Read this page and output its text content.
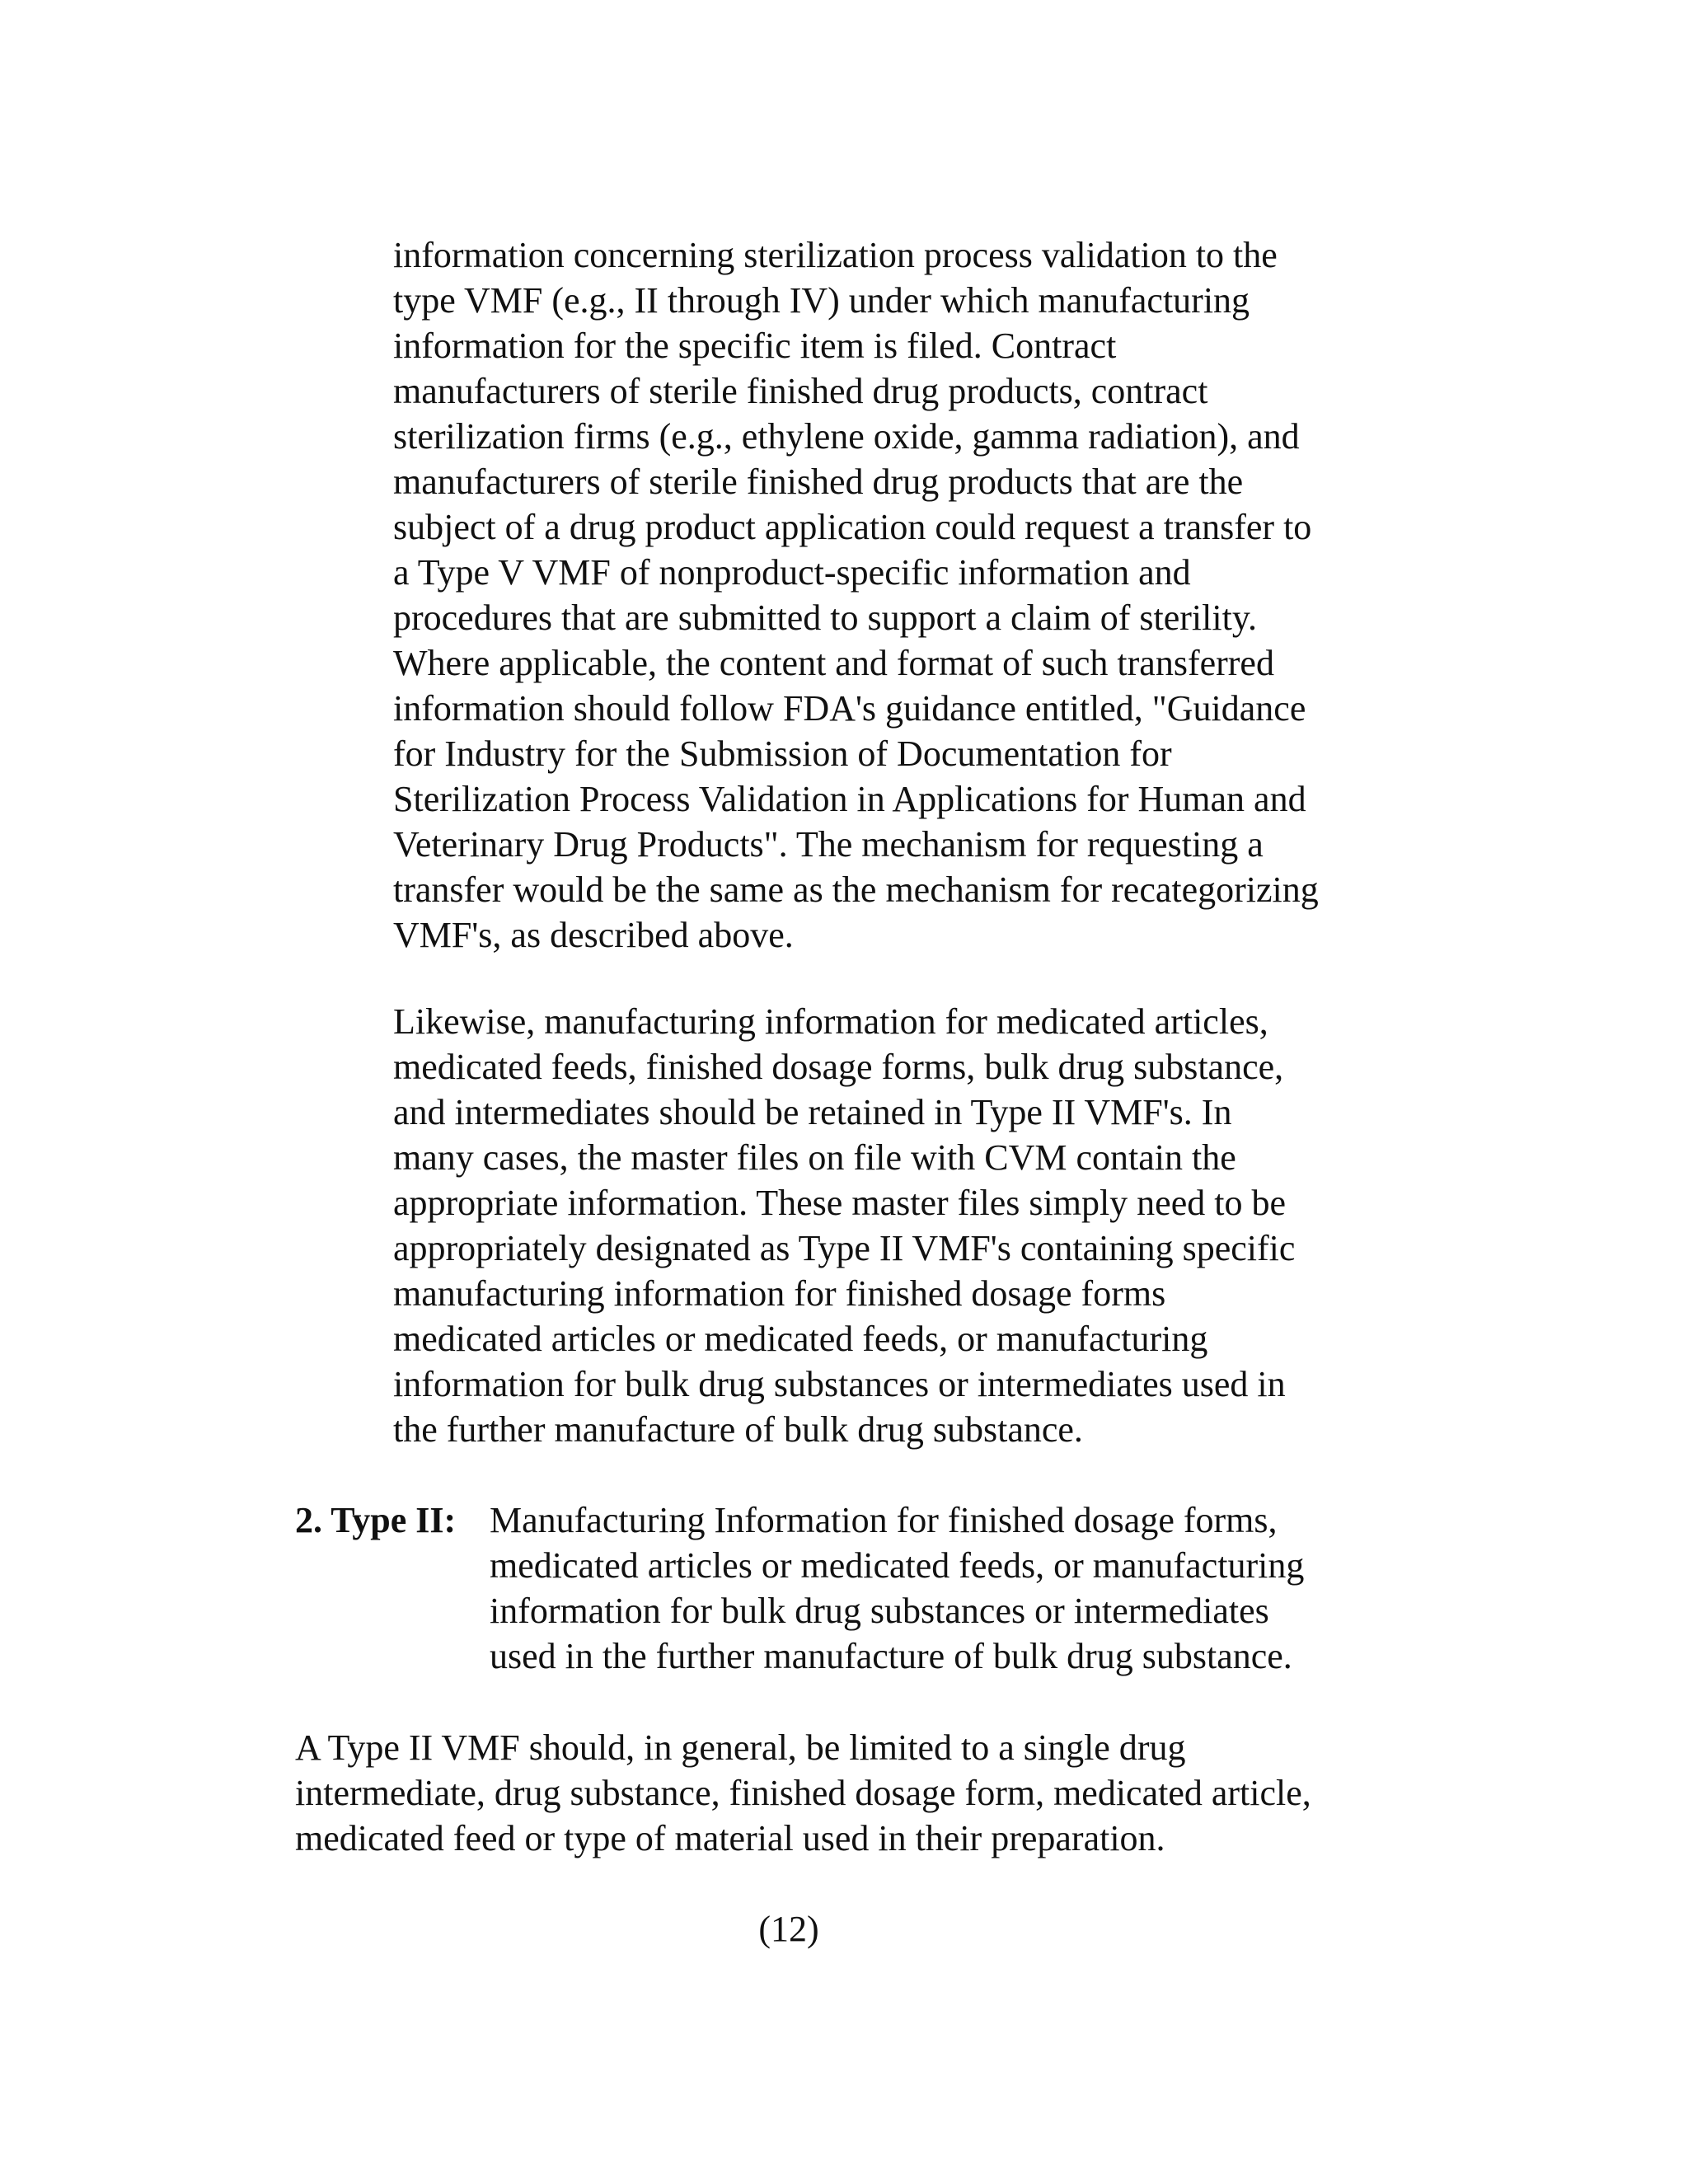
information concerning sterilization process validation to the
type VMF (e.g., II through IV) under which manufacturing
information for the specific item is filed. Contract
manufacturers of sterile finished drug products, contract
sterilization firms (e.g., ethylene oxide, gamma radiation), and
manufacturers of sterile finished drug products that are the
subject of a drug product application could request a transfer to
a Type V VMF of nonproduct-specific information and
procedures that are submitted to support a claim of sterility.
Where applicable, the content and format of such transferred
information should follow FDA's guidance entitled, "Guidance
for Industry for the Submission of Documentation for
Sterilization Process Validation in Applications for Human and
Veterinary Drug Products". The mechanism for requesting a
transfer would be the same as the mechanism for recategorizing
VMF's, as described above.

Likewise, manufacturing information for medicated articles,
medicated feeds, finished dosage forms, bulk drug substance,
and intermediates should be retained in Type II VMF's. In
many cases, the master files on file with CVM contain the
appropriate information. These master files simply need to be
appropriately designated as Type II VMF's containing specific
manufacturing information for finished dosage forms
medicated articles or medicated feeds, or manufacturing
information for bulk drug substances or intermediates used in
the further manufacture of bulk drug substance.

2. Type II: Manufacturing Information for finished dosage forms,
medicated articles or medicated feeds, or manufacturing
information for bulk drug substances or intermediates
used in the further manufacture of bulk drug substance.

A Type II VMF should, in general, be limited to a single drug
intermediate, drug substance, finished dosage form, medicated article,
medicated feed or type of material used in their preparation.

(12)
